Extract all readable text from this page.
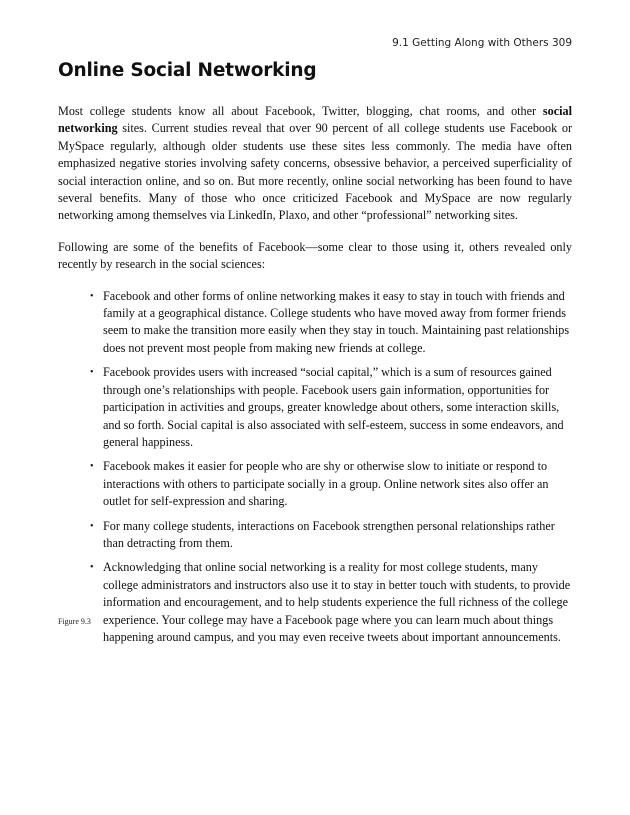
9.1 Getting Along with Others 309
Online Social Networking

Most college students know all about Facebook, Twitter, blogging, chat rooms, and other social networking sites. Current studies reveal that over 90 percent of all college students use Facebook or MySpace regularly, although older students use these sites less commonly. The media have often emphasized negative stories involving safety concerns, obsessive behavior, a perceived superficiality of social interaction online, and so on. But more recently, online social networking has been found to have several benefits. Many of those who once criticized Facebook and MySpace are now regularly networking among themselves via LinkedIn, Plaxo, and other “professional” networking sites.

Following are some of the benefits of Facebook—some clear to those using it, others revealed only recently by research in the social sciences:

• Facebook and other forms of online networking makes it easy to stay in touch with friends and family at a geographical distance. College students who have moved away from former friends seem to make the transition more easily when they stay in touch. Maintaining past relationships does not prevent most people from making new friends at college.
• Facebook provides users with increased “social capital,” which is a sum of resources gained through one’s relationships with people. Facebook users gain information, opportunities for participation in activities and groups, greater knowledge about others, some interaction skills, and so forth. Social capital is also associated with self-esteem, success in some endeavors, and general happiness.
• Facebook makes it easier for people who are shy or otherwise slow to initiate or respond to interactions with others to participate socially in a group. Online network sites also offer an outlet for self-expression and sharing.
• For many college students, interactions on Facebook strengthen personal relationships rather than detracting from them.
• Acknowledging that online social networking is a reality for most college students, many college administrators and instructors also use it to stay in better touch with students, to provide information and encouragement, and to help students experience the full richness of the college experience. Your college may have a Facebook page where you can learn much about things happening around campus, and you may even receive tweets about important announcements.
Figure 9.3
